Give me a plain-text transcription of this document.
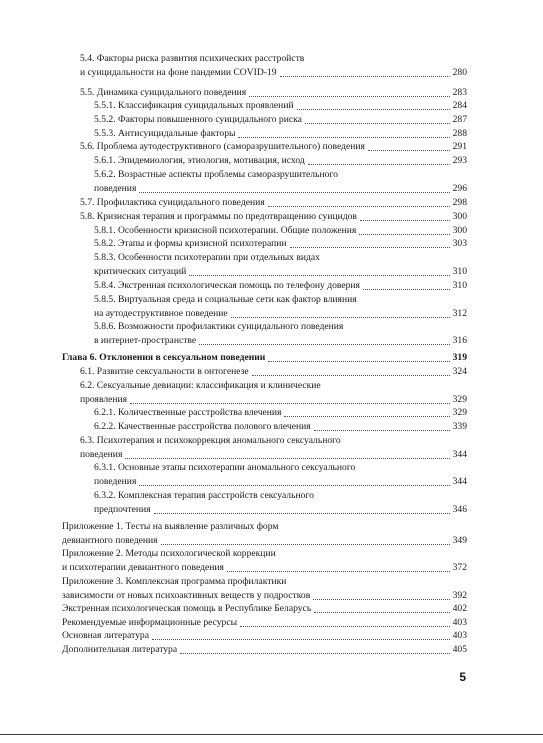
5.4. Факторы риска развития психических расстройств
и суицидальности на фоне пандемии COVID-19	280
5.5. Динамика суицидального поведения	283
5.5.1. Классификация суицидальных проявлений	284
5.5.2. Факторы повышенного суицидального риска	287
5.5.3. Антисуицидальные факторы	288
5.6. Проблема аутодеструктивного (саморазрушительного) поведения	291
5.6.1. Эпидемиология, этиология, мотивация, исход	293
5.6.2. Возрастные аспекты проблемы саморазрушительного
поведения	296
5.7. Профилактика суицидального поведения	298
5.8. Кризисная терапия и программы по предотвращению суицидов	300
5.8.1. Особенности кризисной психотерапии. Общие положения	300
5.8.2. Этапы и формы кризисной психотерапии	303
5.8.3. Особенности психотерапии при отдельных видах
критических ситуаций	310
5.8.4. Экстренная психологическая помощь по телефону доверия	310
5.8.5. Виртуальная среда и социальные сети как фактор влияния
на аутодеструктивное поведение	312
5.8.6. Возможности профилактики суицидального поведения
в интернет-пространстве	316
Глава 6. Отклонения в сексуальном поведении	319
6.1. Развитие сексуальности в онтогенезе	324
6.2. Сексуальные девиации: классификация и клинические
проявления	329
6.2.1. Количественные расстройства влечения	329
6.2.2. Качественные расстройства полового влечения	339
6.3. Психотерапия и психокоррекция аномального сексуального
поведения	344
6.3.1. Основные этапы психотерапии аномального сексуального
поведения	344
6.3.2. Комплексная терапия расстройств сексуального
предпочтения	346
Приложение 1. Тесты на выявление различных форм
девиантного поведения	349
Приложение 2. Методы психологической коррекции
и психотерапии девиантного поведения	372
Приложение 3. Комплексная программа профилактики
зависимости от новых психоактивных веществ у подростков	392
Экстренная психологическая помощь в Республике Беларусь	402
Рекомендуемые информационные ресурсы	403
Основная литература	403
Дополнительная литература	405
5
